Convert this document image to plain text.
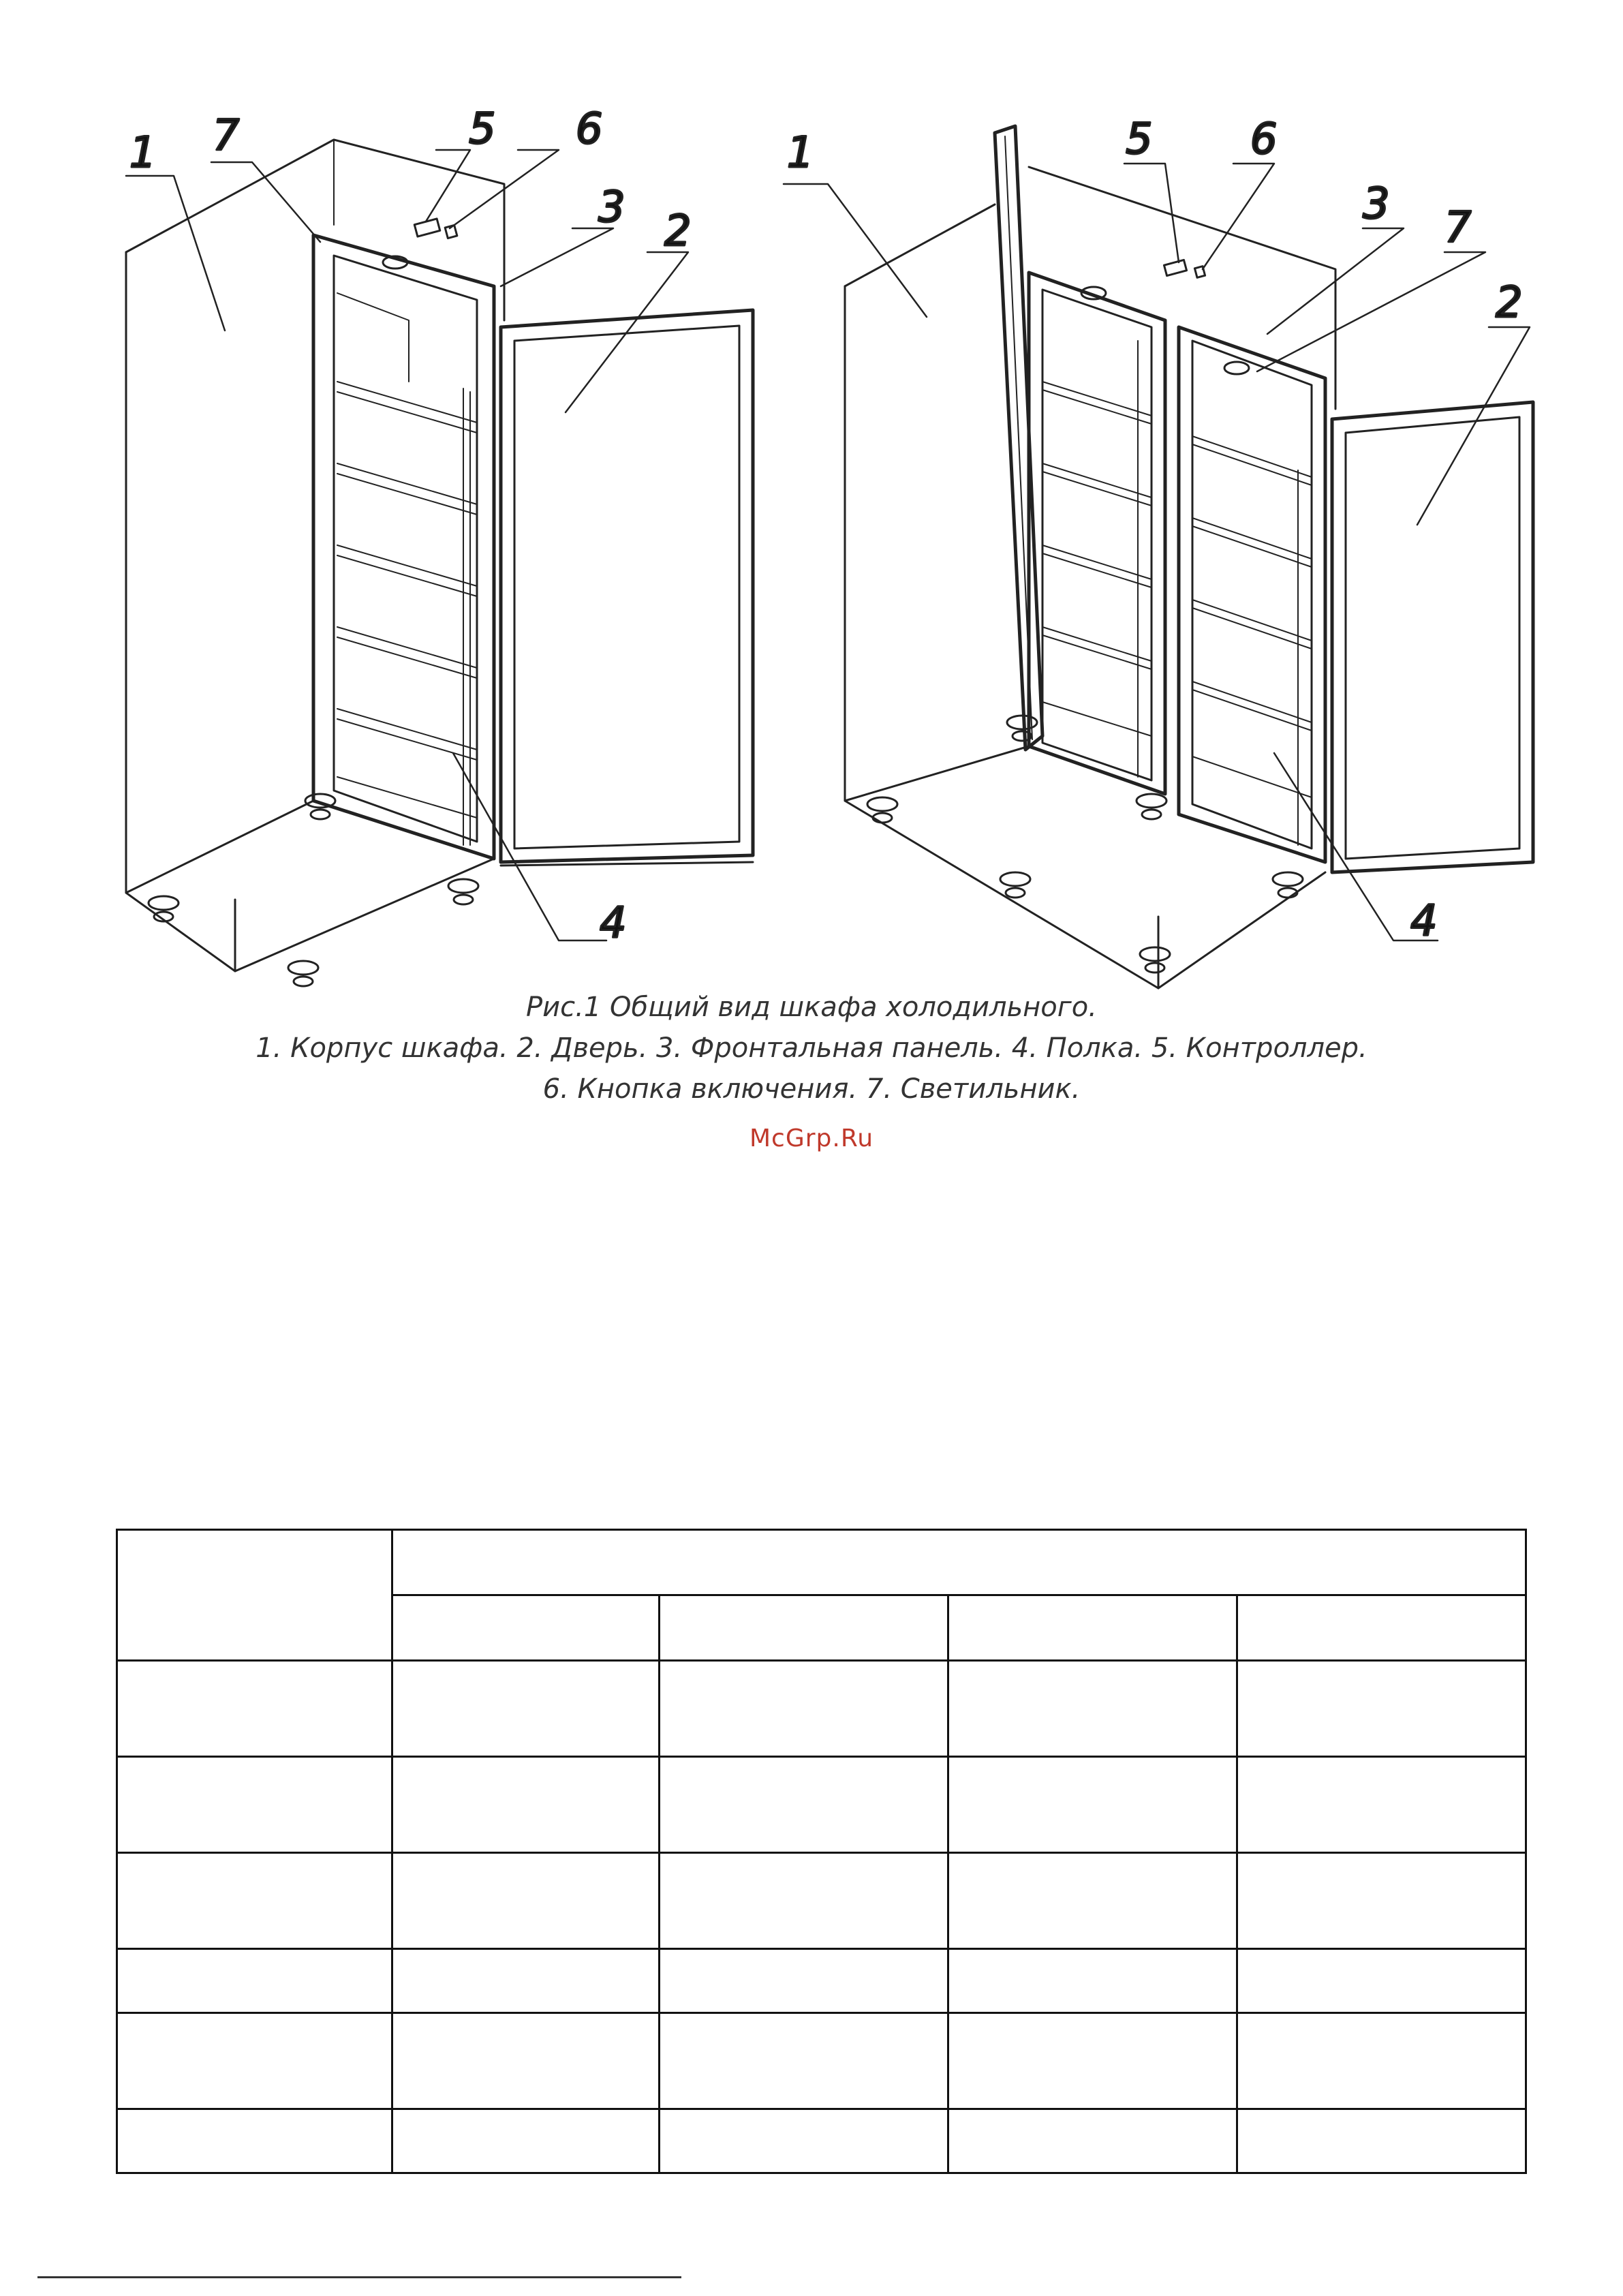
1 7	5 6
3 2
4
1	5 6
3 7
2
4
Рис.1 Общий вид шкафа холодильного.
1. Корпус шкафа. 2. Дверь. 3. Фронтальная панель. 4. Полка. 5. Контроллер.
6. Кнопка включения. 7. Светильник.
McGrp.Ru
